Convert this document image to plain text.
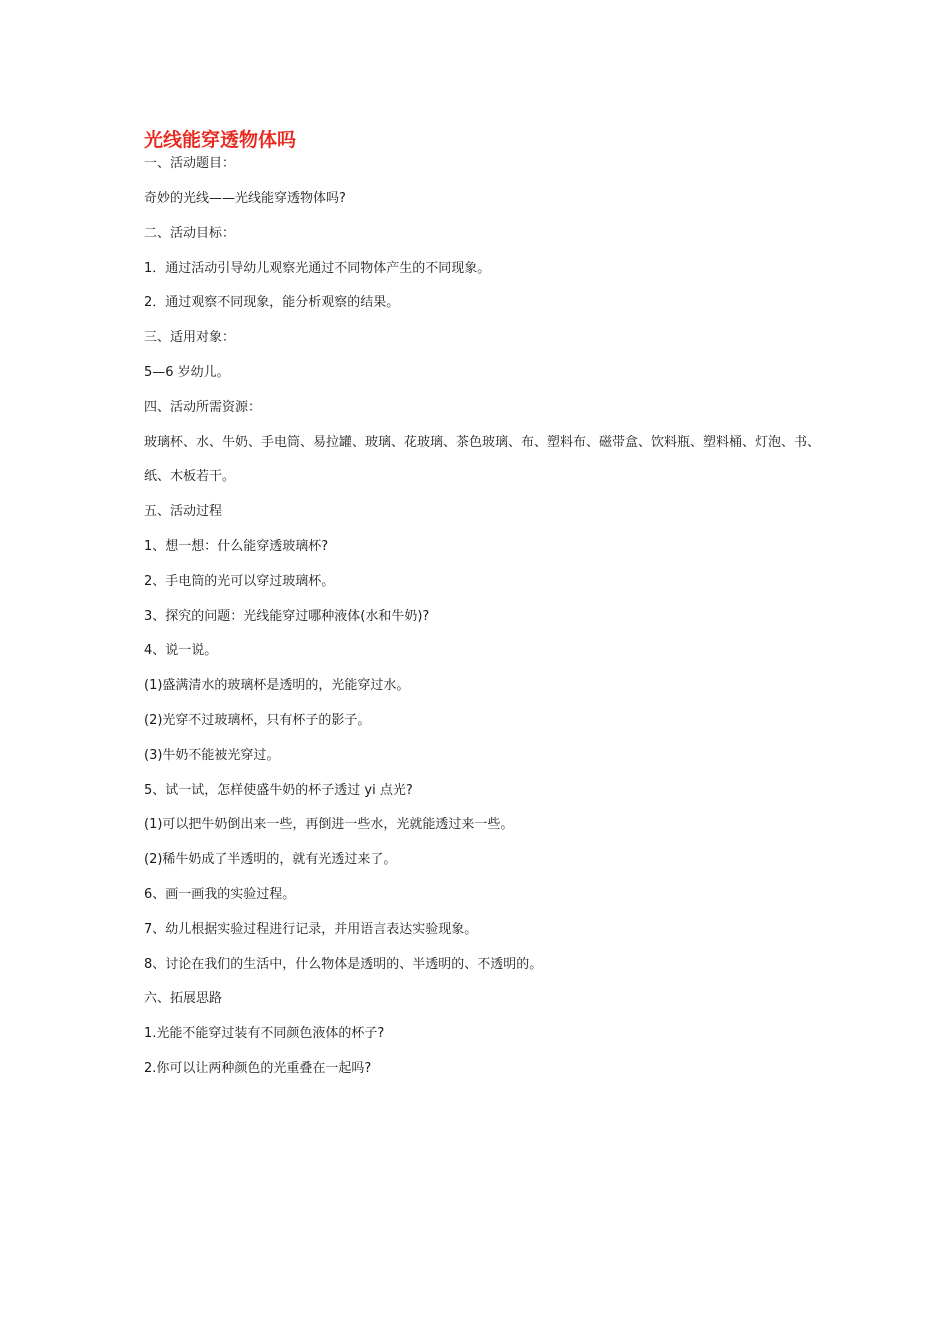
光线能穿透物体吗

一、活动题目：

奇妙的光线——光线能穿透物体吗?

二、活动目标：

1．通过活动引导幼儿观察光通过不同物体产生的不同现象。

2．通过观察不同现象，能分析观察的结果。

三、适用对象：

5—6 岁幼儿。

四、活动所需资源：

玻璃杯、水、牛奶、手电筒、易拉罐、玻璃、花玻璃、茶色玻璃、布、塑料布、磁带盒、饮料瓶、塑料桶、灯泡、书、纸、木板若干。

五、活动过程

1、想一想：什么能穿透玻璃杯?

2、手电筒的光可以穿过玻璃杯。

3、探究的问题：光线能穿过哪种液体(水和牛奶)?

4、说一说。

(1)盛满清水的玻璃杯是透明的，光能穿过水。

(2)光穿不过玻璃杯，只有杯子的影子。

(3)牛奶不能被光穿过。

5、试一试，怎样使盛牛奶的杯子透过 yi 点光?

(1)可以把牛奶倒出来一些，再倒进一些水，光就能透过来一些。

(2)稀牛奶成了半透明的，就有光透过来了。

6、画一画我的实验过程。

7、幼儿根据实验过程进行记录，并用语言表达实验现象。

8、讨论在我们的生活中，什么物体是透明的、半透明的、不透明的。

六、拓展思路

1.光能不能穿过装有不同颜色液体的杯子?

2.你可以让两种颜色的光重叠在一起吗?
